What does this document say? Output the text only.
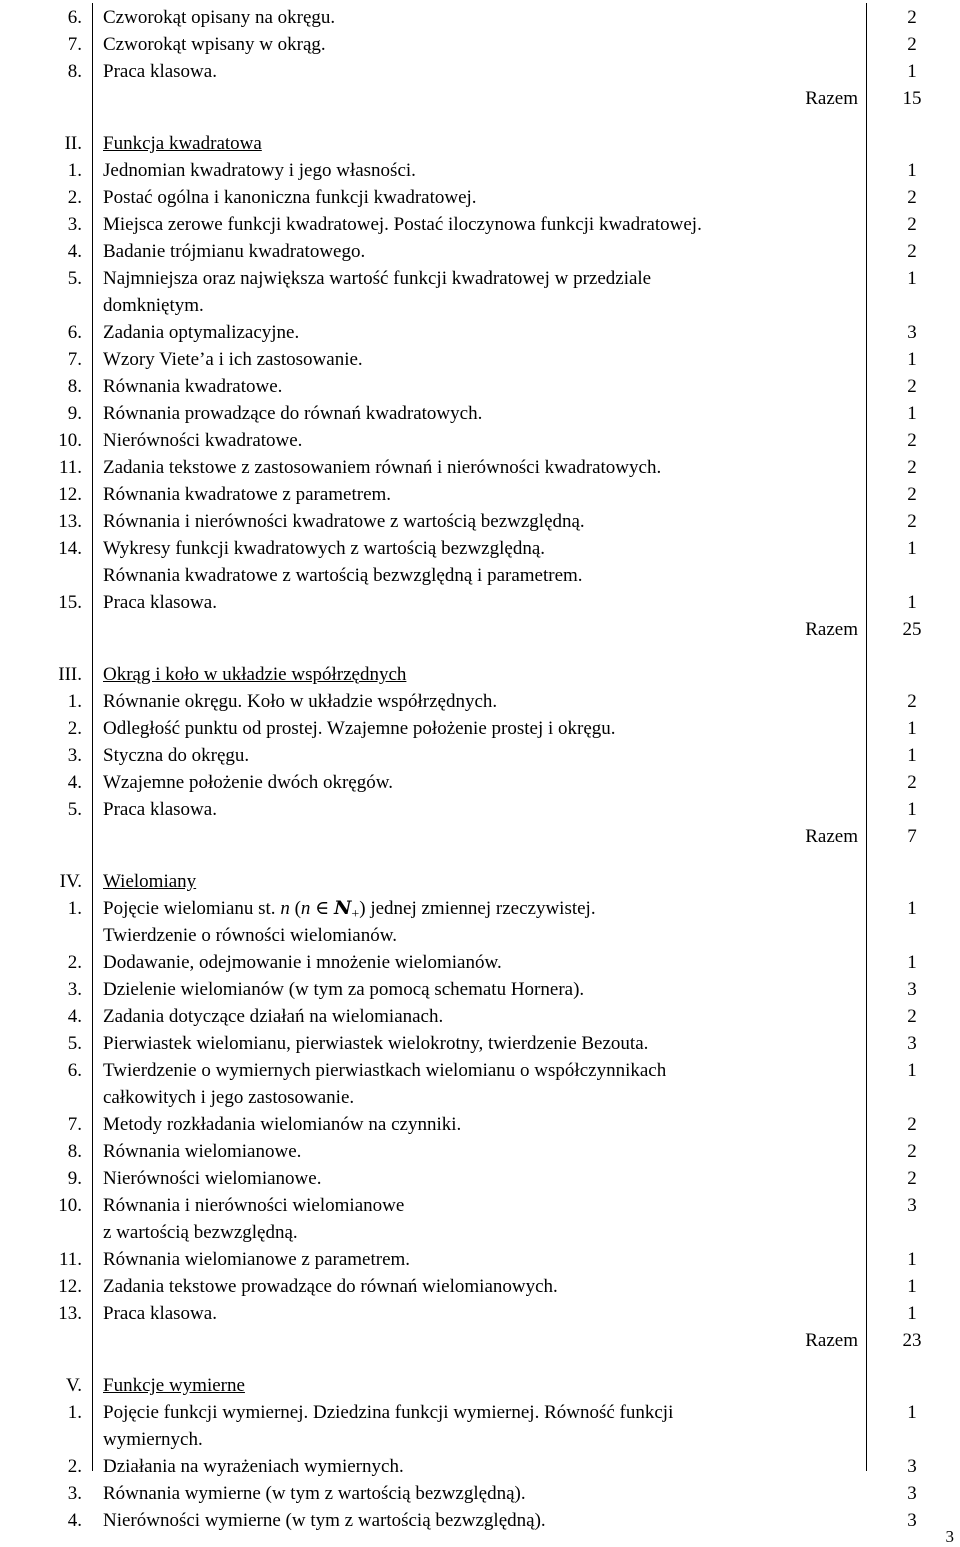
6. Czworokąt opisany na okręgu.	2
7. Czworokąt wpisany w okrąg.	2
8. Praca klasowa.	1
Razem	15
II. Funkcja kwadratowa
1. Jednomian kwadratowy i jego własności.	1
2. Postać ogólna i kanoniczna funkcji kwadratowej.	2
3. Miejsca zerowe funkcji kwadratowej. Postać iloczynowa funkcji kwadratowej.	2
4. Badanie trójmianu kwadratowego.	2
5. Najmniejsza oraz największa wartość funkcji kwadratowej w przedziale	1
domkniętym.
6. Zadania optymalizacyjne.	3
7. Wzory Viete’a i ich zastosowanie.	1
8. Równania kwadratowe.	2
9. Równania prowadzące do równań kwadratowych.	1
10. Nierówności kwadratowe.	2
11. Zadania tekstowe z zastosowaniem równań i nierówności kwadratowych.	2
12. Równania kwadratowe z parametrem.	2
13. Równania i nierówności kwadratowe z wartością bezwzględną.	2
14. Wykresy funkcji kwadratowych z wartością bezwzględną.	1
Równania kwadratowe z wartością bezwzględną i parametrem.
15. Praca klasowa.	1
Razem	25
III. Okrąg i koło w układzie współrzędnych
1. Równanie okręgu. Koło w układzie współrzędnych.	2
2. Odległość punktu od prostej. Wzajemne położenie prostej i okręgu.	1
3. Styczna do okręgu.	1
4. Wzajemne położenie dwóch okręgów.	2
5. Praca klasowa.	1
Razem	7
IV. Wielomiany
1. Pojęcie wielomianu st. n (n ∈ $N_+$) jednej zmiennej rzeczywistej.	1
Twierdzenie o równości wielomianów.
2. Dodawanie, odejmowanie i mnożenie wielomianów.	1
3. Dzielenie wielomianów (w tym za pomocą schematu Hornera).	3
4. Zadania dotyczące działań na wielomianach.	2
5. Pierwiastek wielomianu, pierwiastek wielokrotny, twierdzenie Bezouta.	3
6. Twierdzenie o wymiernych pierwiastkach wielomianu o współczynnikach	1
całkowitych i jego zastosowanie.
7. Metody rozkładania wielomianów na czynniki.	2
8. Równania wielomianowe.	2
9. Nierówności wielomianowe.	2
10. Równania i nierówności wielomianowe	3
z wartością bezwzględną.
11. Równania wielomianowe z parametrem.	1
12. Zadania tekstowe prowadzące do równań wielomianowych.	1
13. Praca klasowa.	1
Razem	23
V. Funkcje wymierne
1. Pojęcie funkcji wymiernej. Dziedzina funkcji wymiernej. Równość funkcji	1
wymiernych.
2. Działania na wyrażeniach wymiernych.	3
3. Równania wymierne (w tym z wartością bezwzględną).	3
4. Nierówności wymierne (w tym z wartością bezwzględną).	3
3
